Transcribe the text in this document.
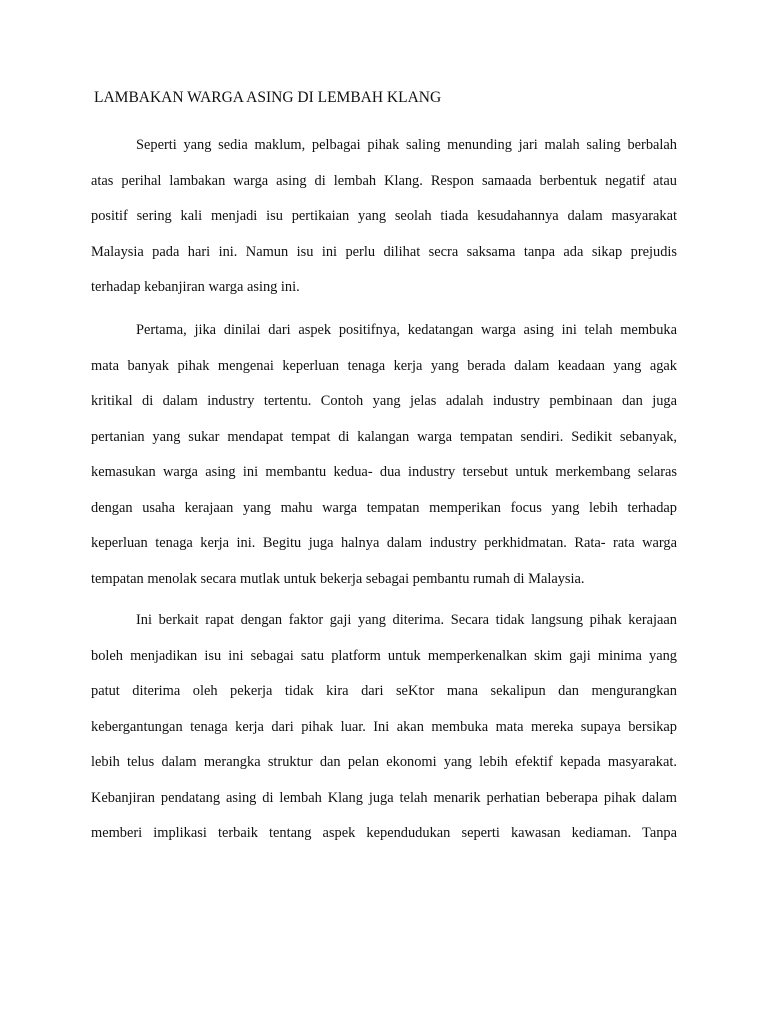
LAMBAKAN WARGA ASING DI LEMBAH KLANG
Seperti yang sedia maklum, pelbagai pihak saling menunding jari malah saling berbalah
atas perihal lambakan warga asing di lembah Klang. Respon samaada berbentuk negatif atau
positif sering kali menjadi isu pertikaian yang seolah tiada kesudahannya dalam masyarakat
Malaysia pada hari ini. Namun isu ini perlu dilihat secra saksama tanpa ada sikap prejudis
terhadap kebanjiran warga asing ini.
Pertama, jika dinilai dari aspek positifnya, kedatangan warga asing ini telah membuka
mata banyak pihak mengenai keperluan tenaga kerja yang berada dalam keadaan yang agak
kritikal di dalam industry tertentu. Contoh yang jelas adalah industry pembinaan dan juga
pertanian yang sukar mendapat tempat di kalangan warga tempatan sendiri. Sedikit sebanyak,
kemasukan warga asing ini membantu kedua- dua industry tersebut untuk merkembang selaras
dengan usaha kerajaan yang mahu warga tempatan memperikan focus yang lebih terhadap
keperluan tenaga kerja ini. Begitu juga halnya dalam industry perkhidmatan. Rata- rata warga
tempatan menolak secara mutlak untuk bekerja sebagai pembantu rumah di Malaysia.
Ini berkait rapat dengan faktor gaji yang diterima. Secara tidak langsung pihak kerajaan
boleh menjadikan isu ini sebagai satu platform untuk memperkenalkan skim gaji minima yang
patut diterima oleh pekerja tidak kira dari seKtor mana sekalipun dan mengurangkan
kebergantungan tenaga kerja dari pihak luar. Ini akan membuka mata mereka supaya bersikap
lebih telus dalam merangka struktur dan pelan ekonomi yang lebih efektif kepada masyarakat.
Kebanjiran pendatang asing di lembah Klang juga telah menarik perhatian beberapa pihak dalam
memberi implikasi terbaik tentang aspek kependudukan seperti kawasan kediaman. Tanpa
